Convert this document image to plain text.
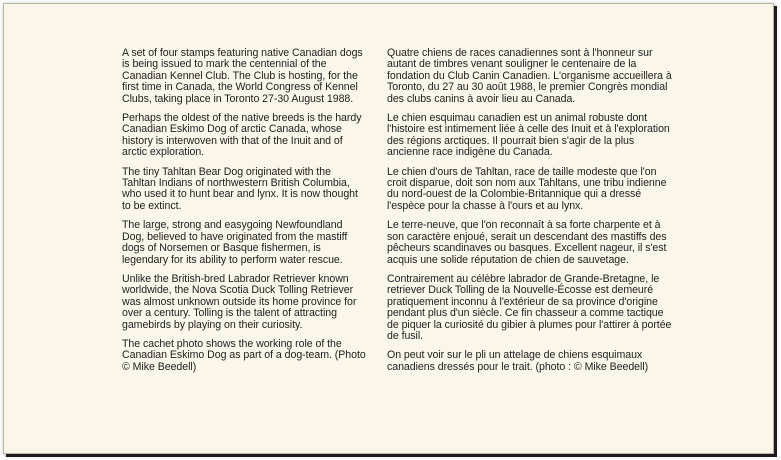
A set of four stamps featuring native Canadian dogs is being issued to mark the centennial of the Canadian Kennel Club. The Club is hosting, for the first time in Canada, the World Congress of Kennel Clubs, taking place in Toronto 27-30 August 1988.

Perhaps the oldest of the native breeds is the hardy Canadian Eskimo Dog of arctic Canada, whose history is interwoven with that of the Inuit and of arctic exploration.

The tiny Tahltan Bear Dog originated with the Tahltan Indians of northwestern British Columbia, who used it to hunt bear and lynx. It is now thought to be extinct.

The large, strong and easygoing Newfoundland Dog, believed to have originated from the mastiff dogs of Norsemen or Basque fishermen, is legendary for its ability to perform water rescue.

Unlike the British-bred Labrador Retriever known worldwide, the Nova Scotia Duck Tolling Retriever was almost unknown outside its home province for over a century. Tolling is the talent of attracting gamebirds by playing on their curiosity.

The cachet photo shows the working role of the Canadian Eskimo Dog as part of a dog-team. (Photo © Mike Beedell)

Quatre chiens de races canadiennes sont à l'honneur sur autant de timbres venant souligner le centenaire de la fondation du Club Canin Canadien. L'organisme accueillera à Toronto, du 27 au 30 août 1988, le premier Congrès mondial des clubs canins à avoir lieu au Canada.

Le chien esquimau canadien est un animal robuste dont l'histoire est intimement liée à celle des Inuit et à l'exploration des régions arctiques. Il pourrait bien s'agir de la plus ancienne race indigène du Canada.

Le chien d'ours de Tahltan, race de taille modeste que l'on croit disparue, doit son nom aux Tahltans, une tribu indienne du nord-ouest de la Colombie-Britannique qui a dressé l'espèce pour la chasse à l'ours et au lynx.

Le terre-neuve, que l'on reconnaît à sa forte charpente et à son caractère enjoué, serait un descendant des mastiffs des pêcheurs scandinaves ou basques. Excellent nageur, il s'est acquis une solide réputation de chien de sauvetage.

Contrairement au célèbre labrador de Grande-Bretagne, le retriever Duck Tolling de la Nouvelle-Écosse est demeuré pratiquement inconnu à l'extérieur de sa province d'origine pendant plus d'un siècle. Ce fin chasseur a comme tactique de piquer la curiosité du gibier à plumes pour l'attirer à portée de fusil.

On peut voir sur le pli un attelage de chiens esquimaux canadiens dressés pour le trait. (photo : © Mike Beedell)
